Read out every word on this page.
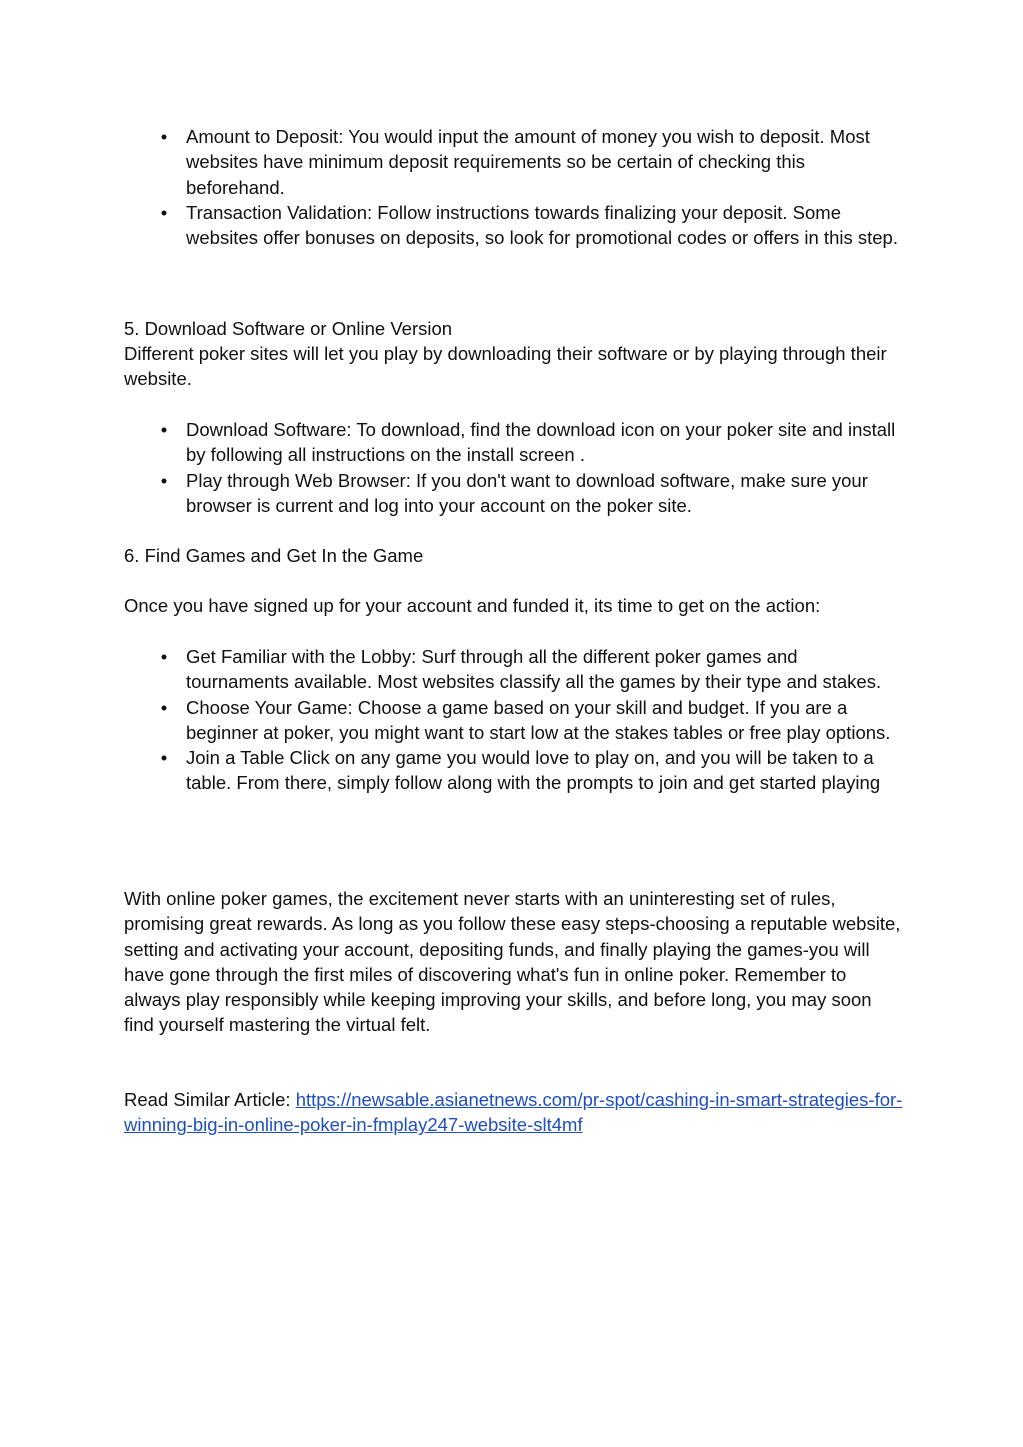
• Amount to Deposit: You would input the amount of money you wish to deposit. Most websites have minimum deposit requirements so be certain of checking this beforehand.
• Transaction Validation: Follow instructions towards finalizing your deposit. Some websites offer bonuses on deposits, so look for promotional codes or offers in this step.

5. Download Software or Online Version

Different poker sites will let you play by downloading their software or by playing through their website.

• Download Software: To download, find the download icon on your poker site and install by following all instructions on the install screen .
• Play through Web Browser: If you don't want to download software, make sure your browser is current and log into your account on the poker site.

6. Find Games and Get In the Game

Once you have signed up for your account and funded it, its time to get on the action:

• Get Familiar with the Lobby: Surf through all the different poker games and tournaments available. Most websites classify all the games by their type and stakes.
• Choose Your Game: Choose a game based on your skill and budget. If you are a beginner at poker, you might want to start low at the stakes tables or free play options.
• Join a Table Click on any game you would love to play on, and you will be taken to a table. From there, simply follow along with the prompts to join and get started playing

With online poker games, the excitement never starts with an uninteresting set of rules, promising great rewards. As long as you follow these easy steps-choosing a reputable website, setting and activating your account, depositing funds, and finally playing the games-you will have gone through the first miles of discovering what's fun in online poker. Remember to always play responsibly while keeping improving your skills, and before long, you may soon find yourself mastering the virtual felt.

Read Similar Article: https://newsable.asianetnews.com/pr-spot/cashing-in-smart-strategies-for-winning-big-in-online-poker-in-fmplay247-website-slt4mf
